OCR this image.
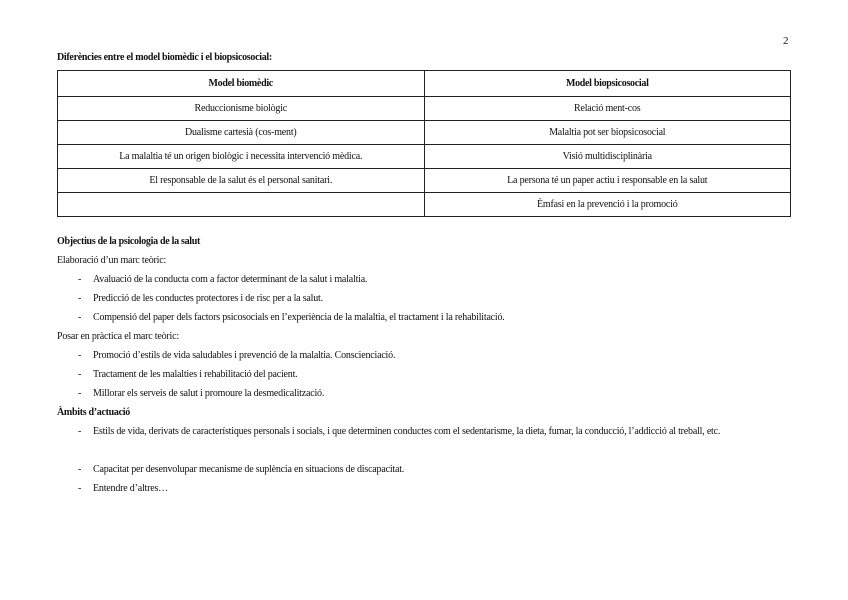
2
Diferències entre el model biomèdic i el biopsicosocial:
Model biomèdic	Model biopsicosocial
Reduccionisme biològic	Relació ment-cos
Dualisme cartesià (cos-ment)	Malaltia pot ser biopsicosocial
La malaltia té un origen biològic i necessita intervenció mèdica.	Visió multidisciplinària
El responsable de la salut és el personal sanitari.	La persona té un paper actiu i responsable en la salut
	Èmfasi en la prevenció i la promoció
Objectius de la psicologia de la salut
Elaboració d’un marc teòric:
- Avaluació de la conducta com a factor determinant de la salut i malaltia.
- Predicció de les conductes protectores i de risc per a la salut.
- Compensió del paper dels factors psicosocials en l’experiència de la malaltia, el tractament i la rehabilitació.
Posar en pràctica el marc teòric:
- Promoció d’estils de vida saludables i prevenció de la malaltia. Conscienciació.
- Tractament de les malalties i rehabilitació del pacient.
- Millorar els serveis de salut i promoure la desmedicalització.
Àmbits d’actuació
- Estils de vida, derivats de característiques personals i socials, i que determinen conductes com el sedentarisme, la dieta, fumar, la conducció, l’addicció al treball, etc.
- Capacitat per desenvolupar mecanisme de suplència en situacions de discapacitat.
- Entendre d’altres…
